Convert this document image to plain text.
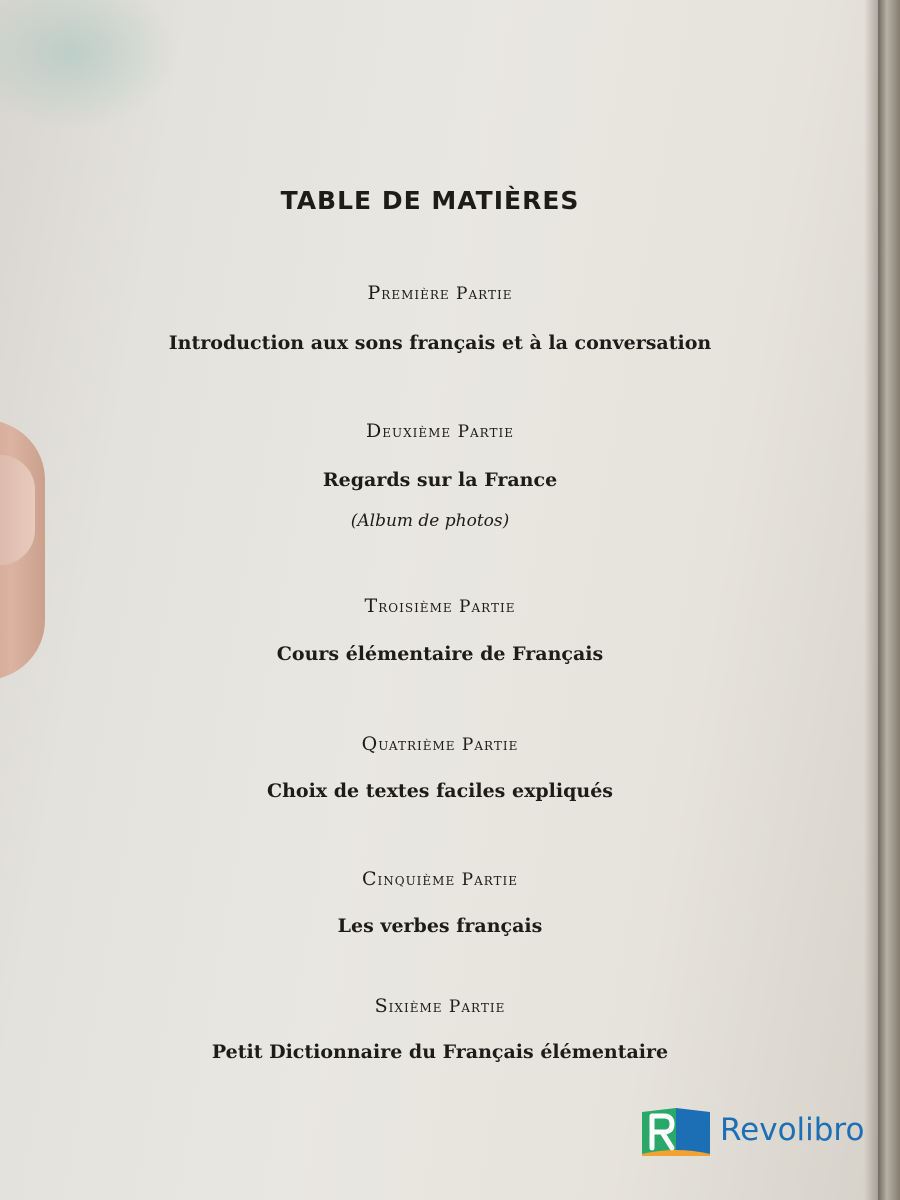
TABLE DE MATIÈRES
Première Partie
Introduction aux sons français et à la conversation
Deuxième Partie
Regards sur la France
(Album de photos)
Troisième Partie
Cours élémentaire de Français
Quatrième Partie
Choix de textes faciles expliqués
Cinquième Partie
Les verbes français
Sixième Partie
Petit Dictionnaire du Français élémentaire
Revolibro
